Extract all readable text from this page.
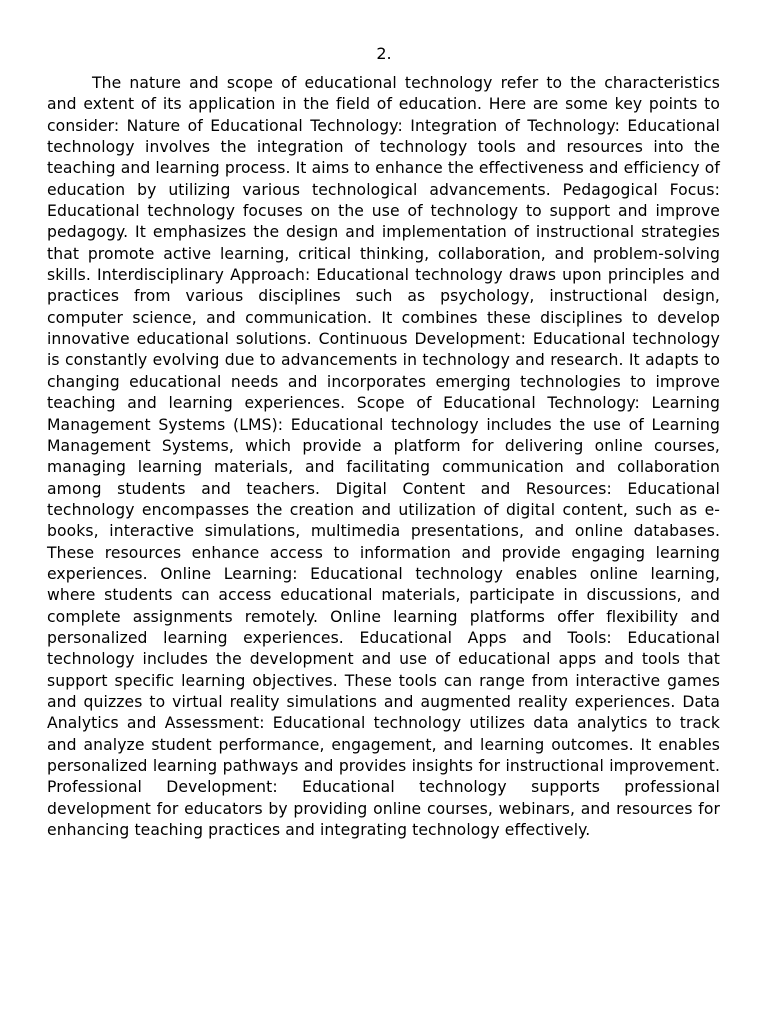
2.

The nature and scope of educational technology refer to the characteristics and extent of its application in the field of education. Here are some key points to consider: Nature of Educational Technology: Integration of Technology: Educational technology involves the integration of technology tools and resources into the teaching and learning process. It aims to enhance the effectiveness and efficiency of education by utilizing various technological advancements. Pedagogical Focus: Educational technology focuses on the use of technology to support and improve pedagogy. It emphasizes the design and implementation of instructional strategies that promote active learning, critical thinking, collaboration, and problem-solving skills. Interdisciplinary Approach: Educational technology draws upon principles and practices from various disciplines such as psychology, instructional design, computer science, and communication. It combines these disciplines to develop innovative educational solutions. Continuous Development: Educational technology is constantly evolving due to advancements in technology and research. It adapts to changing educational needs and incorporates emerging technologies to improve teaching and learning experiences. Scope of Educational Technology: Learning Management Systems (LMS): Educational technology includes the use of Learning Management Systems, which provide a platform for delivering online courses, managing learning materials, and facilitating communication and collaboration among students and teachers. Digital Content and Resources: Educational technology encompasses the creation and utilization of digital content, such as e-books, interactive simulations, multimedia presentations, and online databases. These resources enhance access to information and provide engaging learning experiences. Online Learning: Educational technology enables online learning, where students can access educational materials, participate in discussions, and complete assignments remotely. Online learning platforms offer flexibility and personalized learning experiences. Educational Apps and Tools: Educational technology includes the development and use of educational apps and tools that support specific learning objectives. These tools can range from interactive games and quizzes to virtual reality simulations and augmented reality experiences. Data Analytics and Assessment: Educational technology utilizes data analytics to track and analyze student performance, engagement, and learning outcomes. It enables personalized learning pathways and provides insights for instructional improvement. Professional Development: Educational technology supports professional development for educators by providing online courses, webinars, and resources for enhancing teaching practices and integrating technology effectively.
